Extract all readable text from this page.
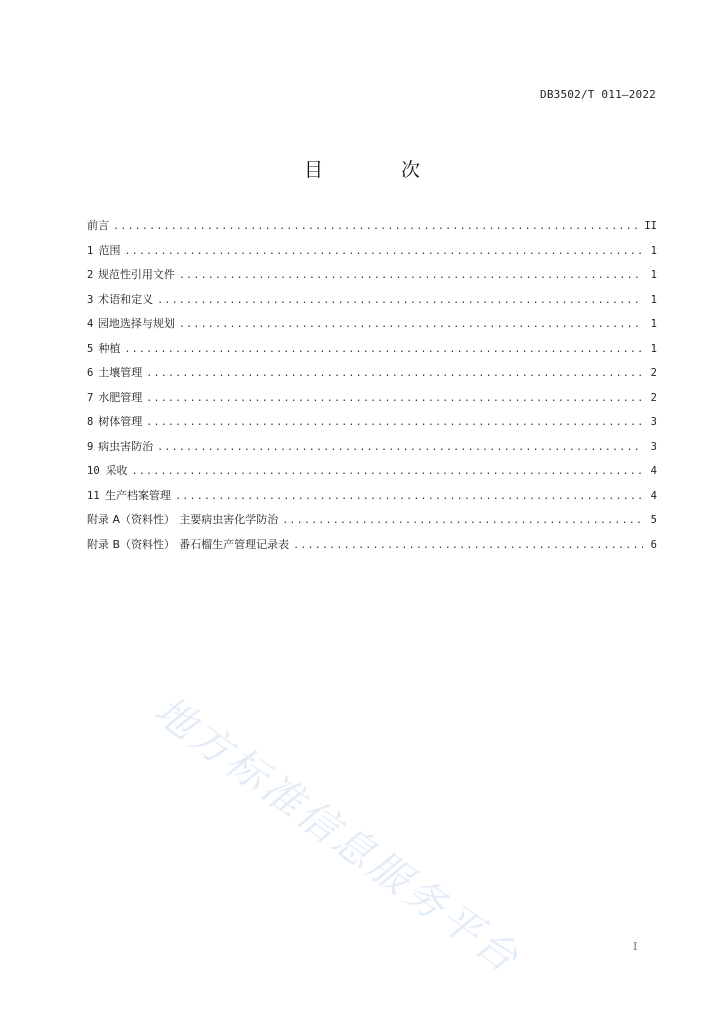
DB3502/T 011—2022
目 次
前言 .....	II
1 范围 .....	1
2 规范性引用文件 .....	1
3 术语和定义 .....	1
4 园地选择与规划 .....	1
5 种植 .....	1
6 土壤管理 .....	2
7 水肥管理 .....	2
8 树体管理 .....	3
9 病虫害防治 .....	3
10 采收 .....	4
11 生产档案管理 .....	4
附录 A（资料性） 主要病虫害化学防治 .....	5
附录 B（资料性） 番石榴生产管理记录表 .....	6
地方标准信息服务平台	I
